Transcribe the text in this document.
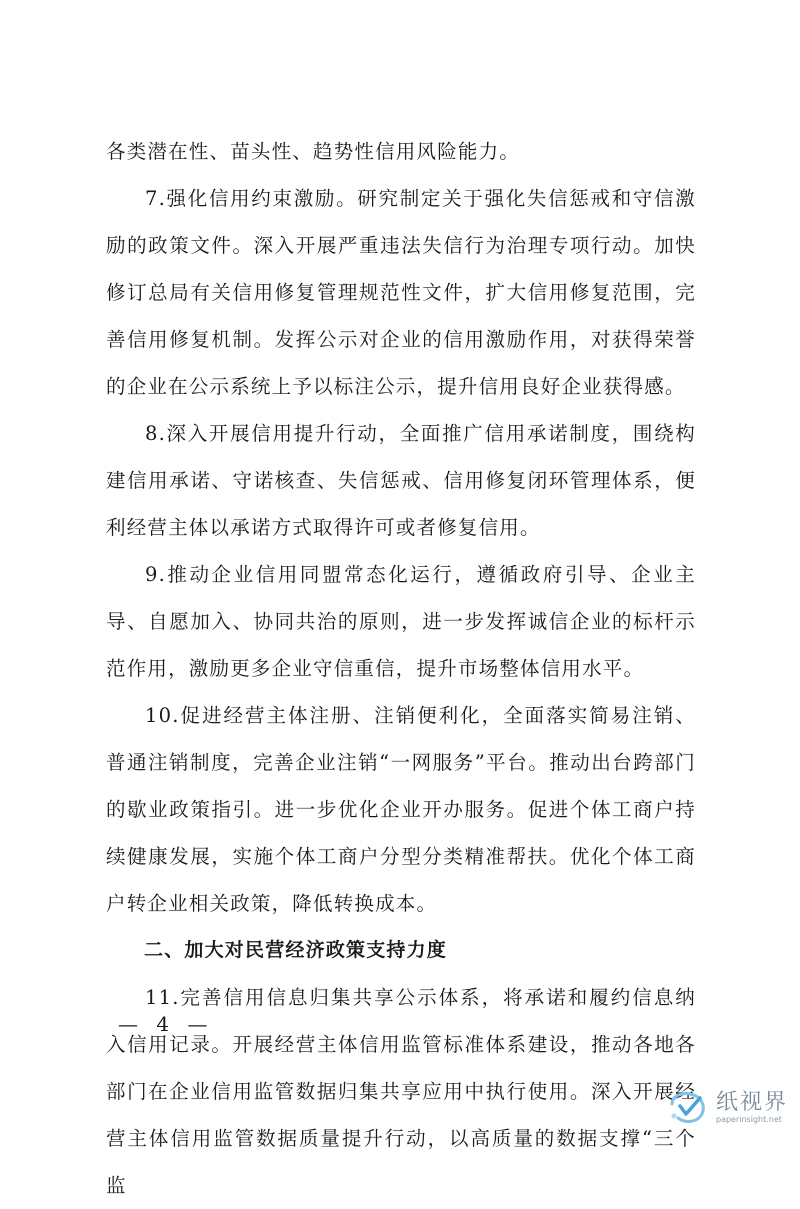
各类潜在性、苗头性、趋势性信用风险能力。

7.强化信用约束激励。研究制定关于强化失信惩戒和守信激励的政策文件。深入开展严重违法失信行为治理专项行动。加快修订总局有关信用修复管理规范性文件，扩大信用修复范围，完善信用修复机制。发挥公示对企业的信用激励作用，对获得荣誉的企业在公示系统上予以标注公示，提升信用良好企业获得感。

8.深入开展信用提升行动，全面推广信用承诺制度，围绕构建信用承诺、守诺核查、失信惩戒、信用修复闭环管理体系，便利经营主体以承诺方式取得许可或者修复信用。

9.推动企业信用同盟常态化运行，遵循政府引导、企业主导、自愿加入、协同共治的原则，进一步发挥诚信企业的标杆示范作用，激励更多企业守信重信，提升市场整体信用水平。

10.促进经营主体注册、注销便利化，全面落实简易注销、普通注销制度，完善企业注销“一网服务”平台。推动出台跨部门的歇业政策指引。进一步优化企业开办服务。促进个体工商户持续健康发展，实施个体工商户分型分类精准帮扶。优化个体工商户转企业相关政策，降低转换成本。

二、加大对民营经济政策支持力度

11.完善信用信息归集共享公示体系，将承诺和履约信息纳入信用记录。开展经营主体信用监管标准体系建设，推动各地各部门在企业信用监管数据归集共享应用中执行使用。深入开展经营主体信用监管数据质量提升行动，以高质量的数据支撑“三个监

— 4 —
纸视界
paperinsight.net
